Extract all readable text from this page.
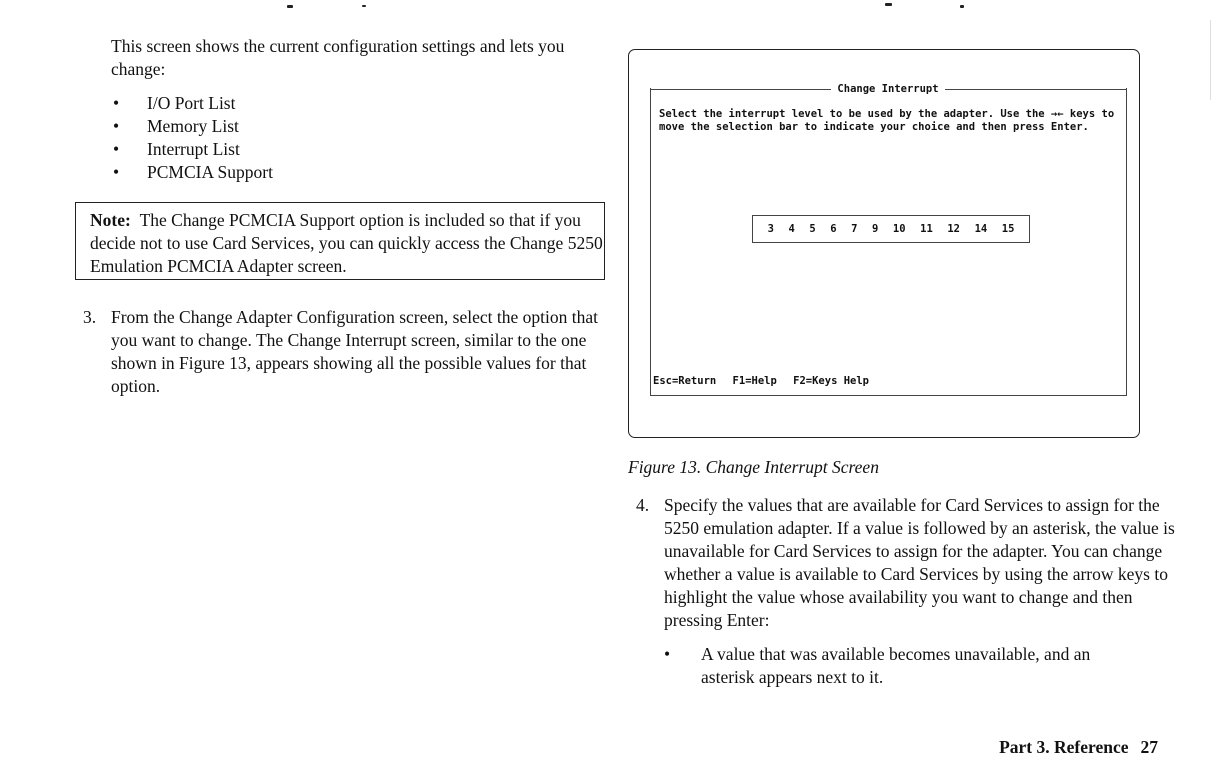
This screen shows the current configuration settings and lets you change:
• I/O Port List
• Memory List
• Interrupt List
• PCMCIA Support
Note: The Change PCMCIA Support option is included so that if you decide not to use Card Services, you can quickly access the Change 5250 Emulation PCMCIA Adapter screen.
3. From the Change Adapter Configuration screen, select the option that you want to change. The Change Interrupt screen, similar to the one shown in Figure 13, appears showing all the possible values for that option.
Change Interrupt
Select the interrupt level to be used by the adapter. Use the →← keys to move the selection bar to indicate your choice and then press Enter.
3 4 5 6 7 9 10 11 12 14 15
Esc=Return F1=Help F2=Keys Help
Figure 13. Change Interrupt Screen
4. Specify the values that are available for Card Services to assign for the 5250 emulation adapter. If a value is followed by an asterisk, the value is unavailable for Card Services to assign for the adapter. You can change whether a value is available to Card Services by using the arrow keys to highlight the value whose availability you want to change and then pressing Enter:
• A value that was available becomes unavailable, and an asterisk appears next to it.
Part 3. Reference 27
